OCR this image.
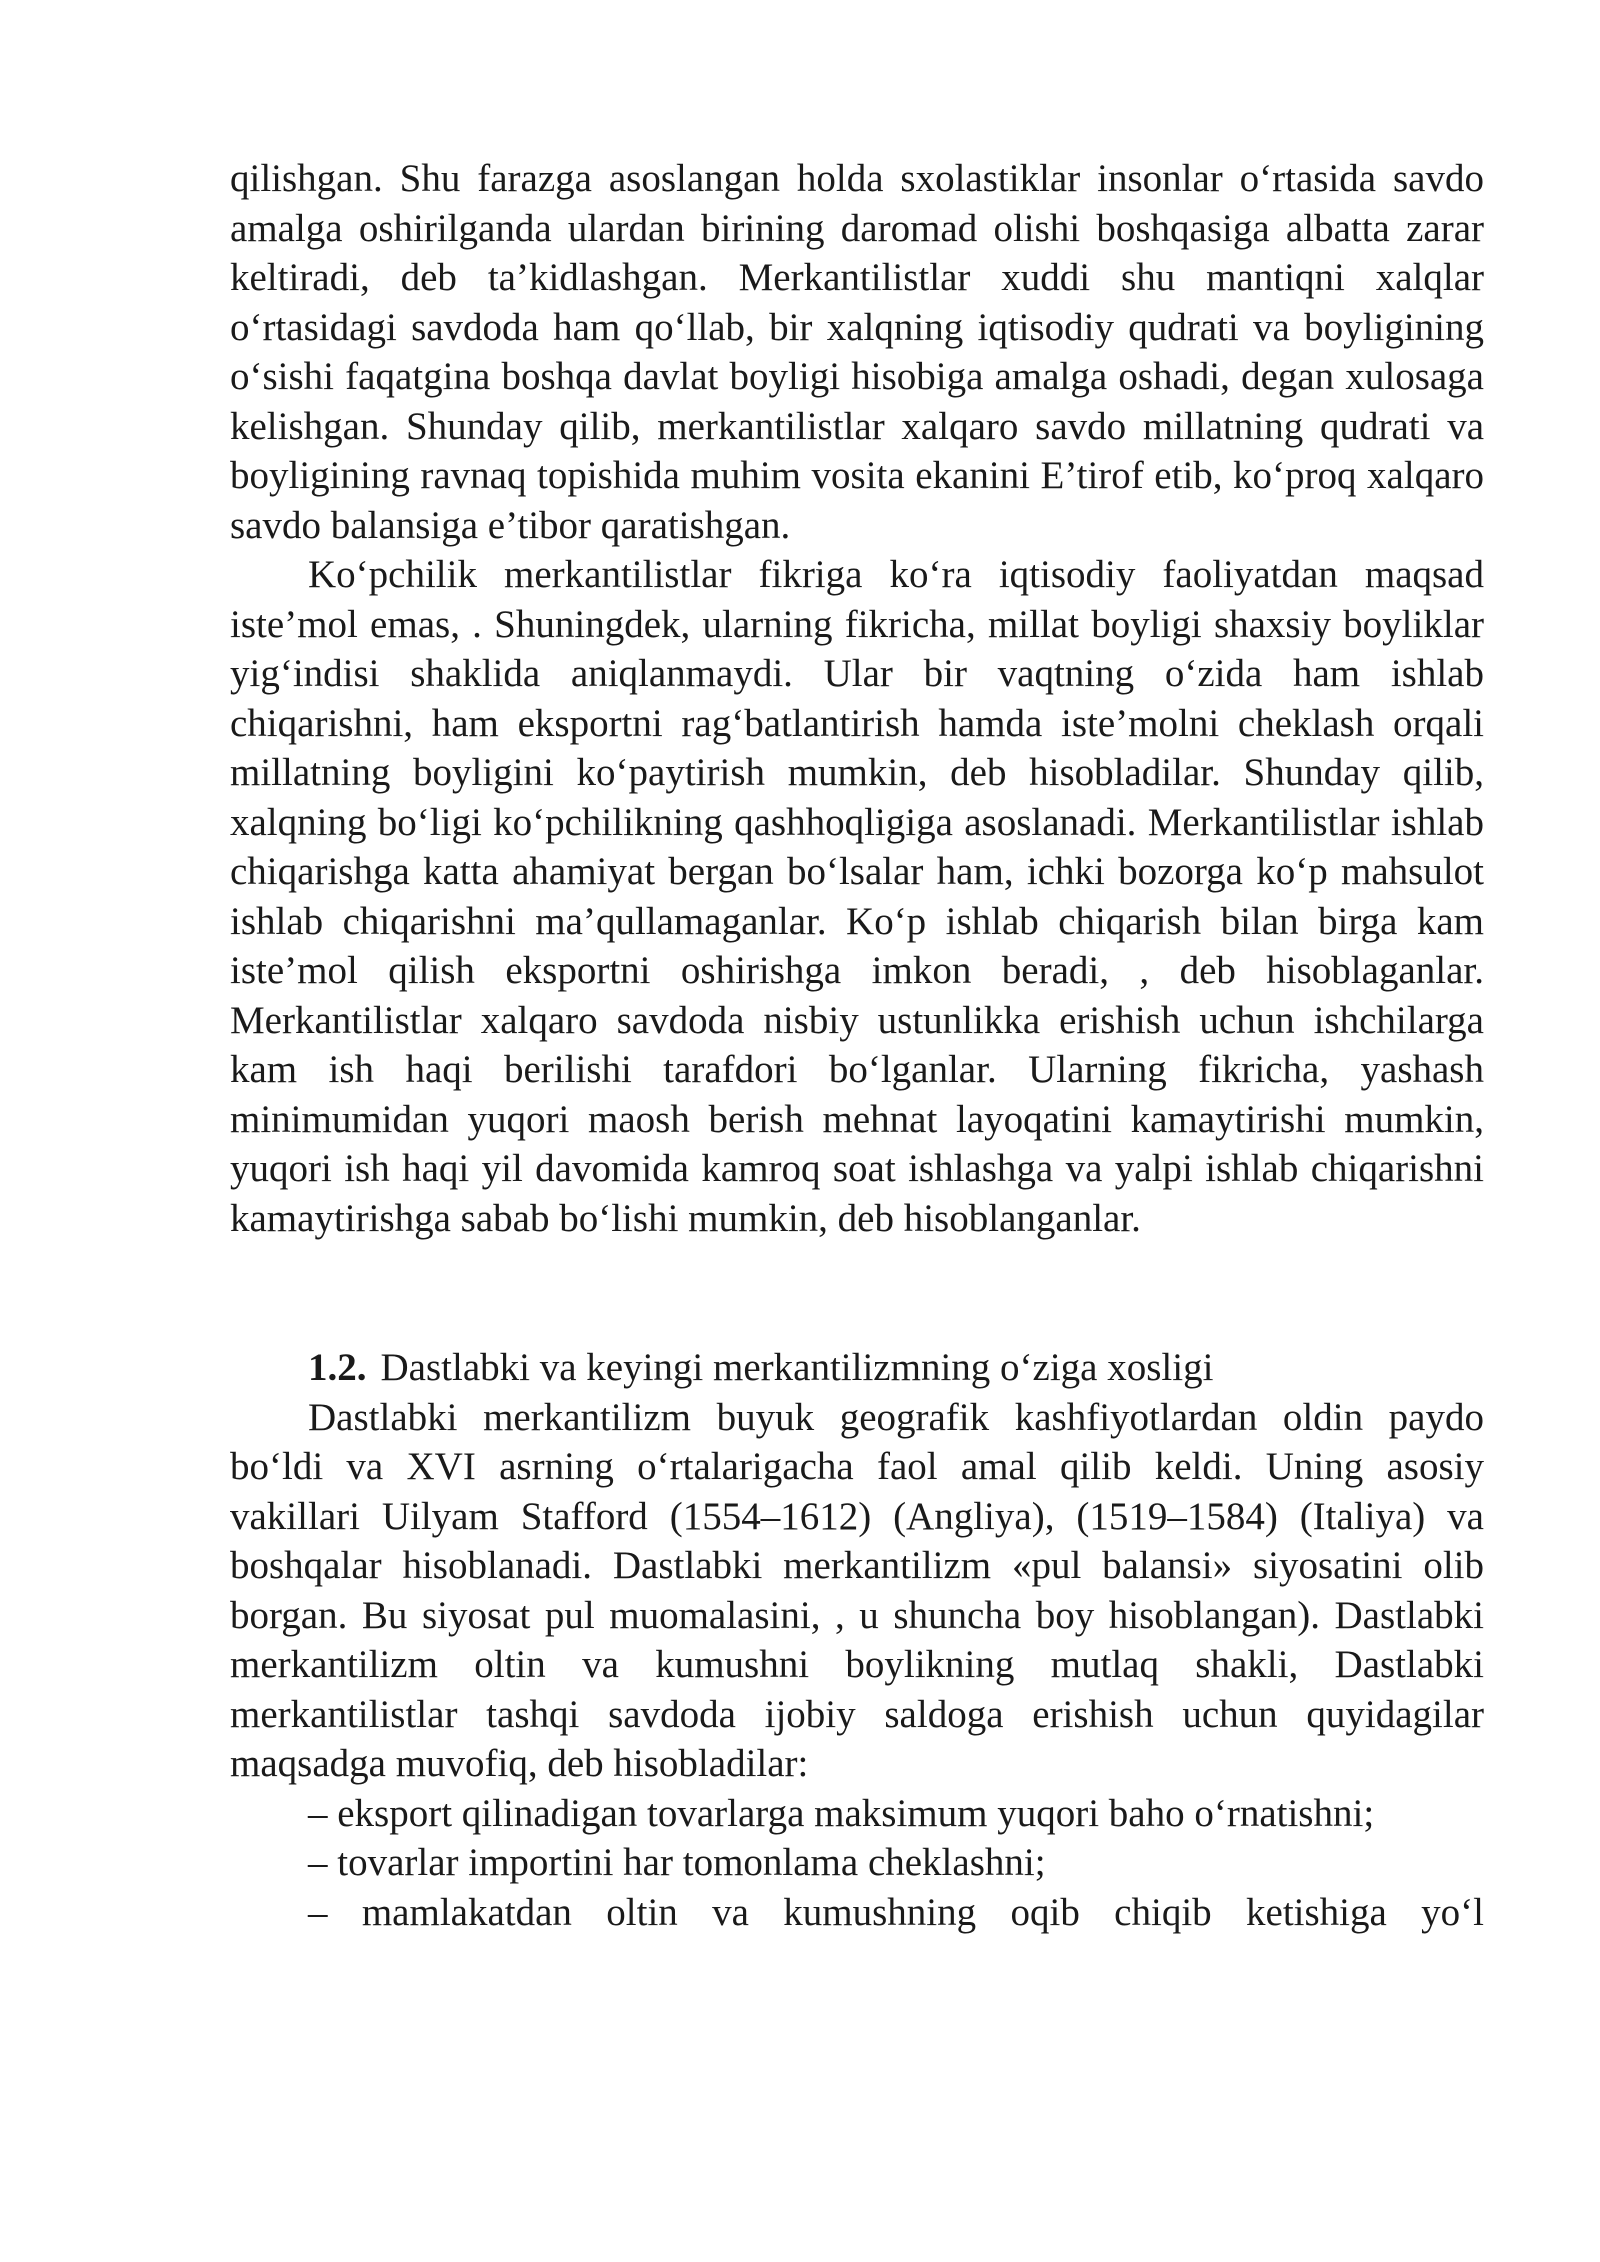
qilishgan. Shu farazga asoslangan holda sxolastiklar insonlar o‘rtasida savdo amalga oshirilganda ulardan birining daromad olishi boshqasiga albatta zarar keltiradi, deb ta’kidlashgan. Merkantilistlar xuddi shu mantiqni xalqlar o‘rtasidagi savdoda ham qo‘llab, bir xalqning iqtisodiy qudrati va boyligining o‘sishi faqatgina boshqa davlat boyligi hisobiga amalga oshadi, degan xulosaga kelishgan. Shunday qilib, merkantilistlar xalqaro savdo millatning qudrati va boyligining ravnaq topishida muhim vosita ekanini E’tirof etib, ko‘proq xalqaro savdo balansiga e’tibor qaratishgan.

Ko‘pchilik merkantilistlar fikriga ko‘ra iqtisodiy faoliyatdan maqsad iste’mol emas, . Shuningdek, ularning fikricha, millat boyligi shaxsiy boyliklar yig‘indisi shaklida aniqlanmaydi. Ular bir vaqtning o‘zida ham ishlab chiqarishni, ham eksportni rag‘batlantirish hamda iste’molni cheklash orqali millatning boyligini ko‘paytirish mumkin, deb hisobladilar. Shunday qilib, xalqning bo‘ligi ko‘pchilikning qashhoqligiga asoslanadi. Merkantilistlar ishlab chiqarishga katta ahamiyat bergan bo‘lsalar ham, ichki bozorga ko‘p mahsulot ishlab chiqarishni ma’qullamaganlar. Ko‘p ishlab chiqarish bilan birga kam iste’mol qilish eksportni oshirishga imkon beradi, , deb hisoblaganlar. Merkantilistlar xalqaro savdoda nisbiy ustunlikka erishish uchun ishchilarga kam ish haqi berilishi tarafdori bo‘lganlar. Ularning fikricha, yashash minimumidan yuqori maosh berish mehnat layoqatini kamaytirishi mumkin, yuqori ish haqi yil davomida kamroq soat ishlashga va yalpi ishlab chiqarishni kamaytirishga sabab bo‘lishi mumkin, deb hisoblanganlar.

1.2. Dastlabki va keyingi merkantilizmning o‘ziga xosligi

Dastlabki merkantilizm buyuk geografik kashfiyotlardan oldin paydo bo‘ldi va XVI asrning o‘rtalarigacha faol amal qilib keldi. Uning asosiy vakillari Uilyam Stafford (1554–1612) (Angliya), (1519–1584) (Italiya) va boshqalar hisoblanadi. Dastlabki merkantilizm «pul balansi» siyosatini olib borgan. Bu siyosat pul muomalasini, , u shuncha boy hisoblangan). Dastlabki merkantilizm oltin va kumushni boylikning mutlaq shakli, Dastlabki merkantilistlar tashqi savdoda ijobiy saldoga erishish uchun quyidagilar maqsadga muvofiq, deb hisobladilar:

– eksport qilinadigan tovarlarga maksimum yuqori baho o‘rnatishni;

– tovarlar importini har tomonlama cheklashni;

– mamlakatdan oltin va kumushning oqib chiqib ketishiga yo‘l
